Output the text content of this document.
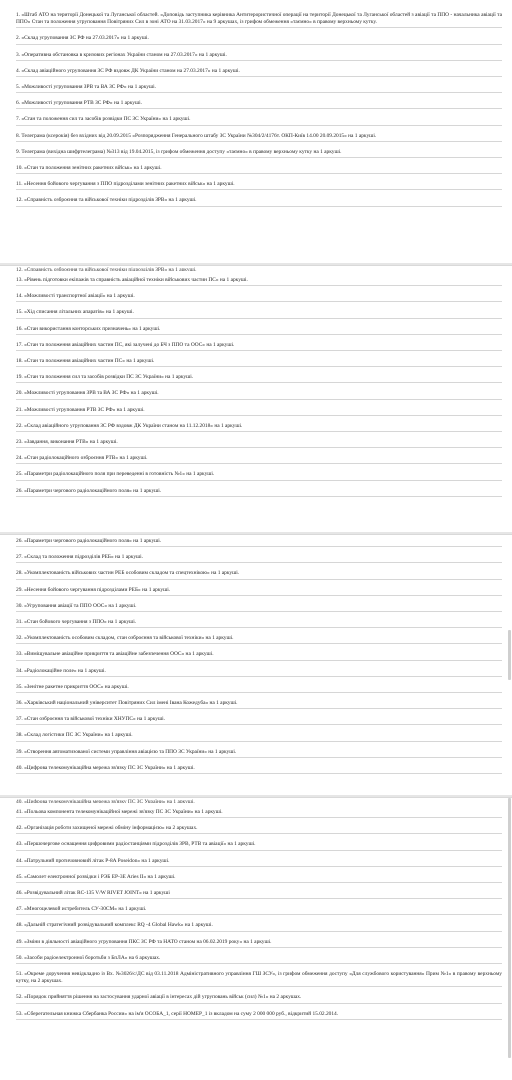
1. «Штаб АТО на території Донецької та Луганської областей. «Доповідь заступника керівника Антитерористичної операції на території Донецької та Луганської областей з авіації та ППО - начальника авіації та ППО» Стан та положення угруповання Повітряних Сил в зоні АТО на 31.03.2017» на 9 аркушах, із грифом обмеження «таємно» в правому верхньому кутку.
2. «Склад угруповання ЗС РФ на 27.03.2017» на 1 аркуші.
3. «Оперативна обстановка в кризових регіонах України станом на 27.03.2017» на 1 аркуші.
4. «Склад авіаційного угруповання ЗС РФ вздовж ДК України станом на 27.03.2017» на 1 аркуші.
5. «Можливості угруповання ЗРВ та ВА ЗС РФ» на 1 аркуші.
6. «Можливості угруповання РТВ ЗС РФ» на 1 аркуші.
7. «Стан та положення сил та засобів розвідки ПС ЗС України» на 1 аркуші.
8. Телеграма (ксерокія) без вхідних від 20.09.2015 «Розпорядження Генерального штабу ЗС України №304/2/4176т. ОКП-Київ 14.00 20.09.2015» на 1 аркуші.
9. Телеграма (вихідна шифртелеграма) №313 від 19.04.2015, із грифом обмеження доступу «таємно» в правому верхньому кутку на 1 аркуші.
10. «Стан та положення зенітних ракетних військ» на 1 аркуші.
11. «Несення бойового чергування з ППО підрозділами зенітних ракетних військ» на 1 аркуші.
12. «Справність озброєння та військової техніки підрозділів ЗРВ» на 1 аркуші.
12. «Справність озброєння та військової техніки підрозділів ЗРВ» на 1 аркуші.
13. «Рівень підготовки екіпажів та справність авіаційної техніки військових частин ПС» на 1 аркуші.
14. «Можливості транспортної авіації» на 1 аркуші.
15. «Хід списання літальних апаратів» на 1 аркуші.
16. «Стан використання конторських призначень» на 1 аркуші.
17. «Стан та положення авіаційних частин ПС, які залучені до БЧ з ППО та ООС» на 1 аркуші.
18. «Стан та положення авіаційних частин ПС» на 1 аркуші.
19. «Стан та положення сил та засобів розвідки ПС ЗС України» на 1 аркуші.
20. «Можливості угруповання ЗРВ та ВА ЗС РФ» на 1 аркуші.
21. «Можливості угруповання РТВ ЗС РФ» на 1 аркуші.
22. «Склад авіаційного угруповання ЗС РФ вздовж ДК України станом на 11.12.2018» на 1 аркуші.
23. «Завдання, виконання РТВ» на 1 аркуші.
24. «Стан радіолокаційного озброєння РТВ» на 1 аркуші.
25. «Параметри радіолокаційного поля при переведенні в готовність №1» на 1 аркуші.
26. «Параметри чергового радіолокаційного поля» на 1 аркуші.
26. «Параметри чергового радіолокаційного поля» на 1 аркуші.
27. «Склад та положення підрозділів РЕБ» на 1 аркуші.
28. «Укомплектованість військових частин РЕБ особовим складом та спецтехнікою» на 1 аркуші.
29. «Несення бойового чергування підрозділами РЕБ» на 1 аркуші.
30. «Угруповання авіації та ППО ООС» на 1 аркуші.
31. «Стан бойового чергування з ППО» на 1 аркуші.
32. «Укомплектованість особовим складом, стан озброєння та військової техніки» на 1 аркуші.
33. «Виміщувальне авіаційне прикриття та авіаційне забезпечення ООС» на 1 аркуші.
34. «Радіолокаційне поле» на 1 аркуші.
35. «Зенітне ракетне прикриття ООС» на аркуші.
36. «Харківський національний університет Повітряних Сил імені Івана Кожедуба» на 1 аркуші.
37. «Стан озброєння та військової техніки ХНУПС» на 1 аркуші.
38. «Склад логістики ПС ЗС України» на 1 аркуші.
39. «Створення автоматизованої системи управління авіацією та ППО ЗС України» на 1 аркуші.
40. «Цифрова телекомунікаційна мережа зв'язку ПС ЗС України» на 1 аркуші.
40. «Цифрова телекомунікаційна мережа зв'язку ПС ЗС України» на 1 аркуші.
41. «Польова компонента телекомунікаційної мережі зв'язку ПС ЗС України» на 1 аркуші.
42. «Організація роботи захищеної мережі обміну інформацією» на 2 аркушах.
43. «Першочергове оснащення цифровими радіостанціями підрозділів ЗРВ, РТВ та авіації» на 1 аркуші.
44. «Патрульний протичовновий літак P-8A Poseidon» на 1 аркуші.
45. «Самолет електронної розвідки і РЭБ EP-3E Aries II» на 1 аркуші.
46. «Розвідувальний літак RC-135 V/W RIVET JOINT» на 1 аркуші
47. «Многоцелевой истребитель СУ-30СМ» на 1 аркуші.
48. «Дальній стратегічний розвідувальний комплекс RQ -4 Global Hawk» на 1 аркуші.
49. «Зміни в діяльності авіаційного угруповання ПКС ЗС РФ та НАТО станом на 06.02.2019 року» на 1 аркуші.
50. «Засоби радіоелектронної боротьби з БпЛА» на 6 аркушах.
51. «Окреме доручення невідкладно із Вх. №3026/с/ДС від 03.11.2018 Адміністративного управління ГШ ЗСУ», із грифом обмеження доступу «Для службового користування» Прим №1» в правому верхньому кутку, на 2 аркушах.
52. «Порядок прийняття рішення на застосування ударної авіації в інтересах дій угруповань військ (сил) №1» на 2 аркушах.
53. «Сберегательная книжка Сбербанка России» на ім'я ОСОБА_1, серії НОМЕР_1 із вкладом на суму 2 000 000 руб., відкритий 15.02.2014.
